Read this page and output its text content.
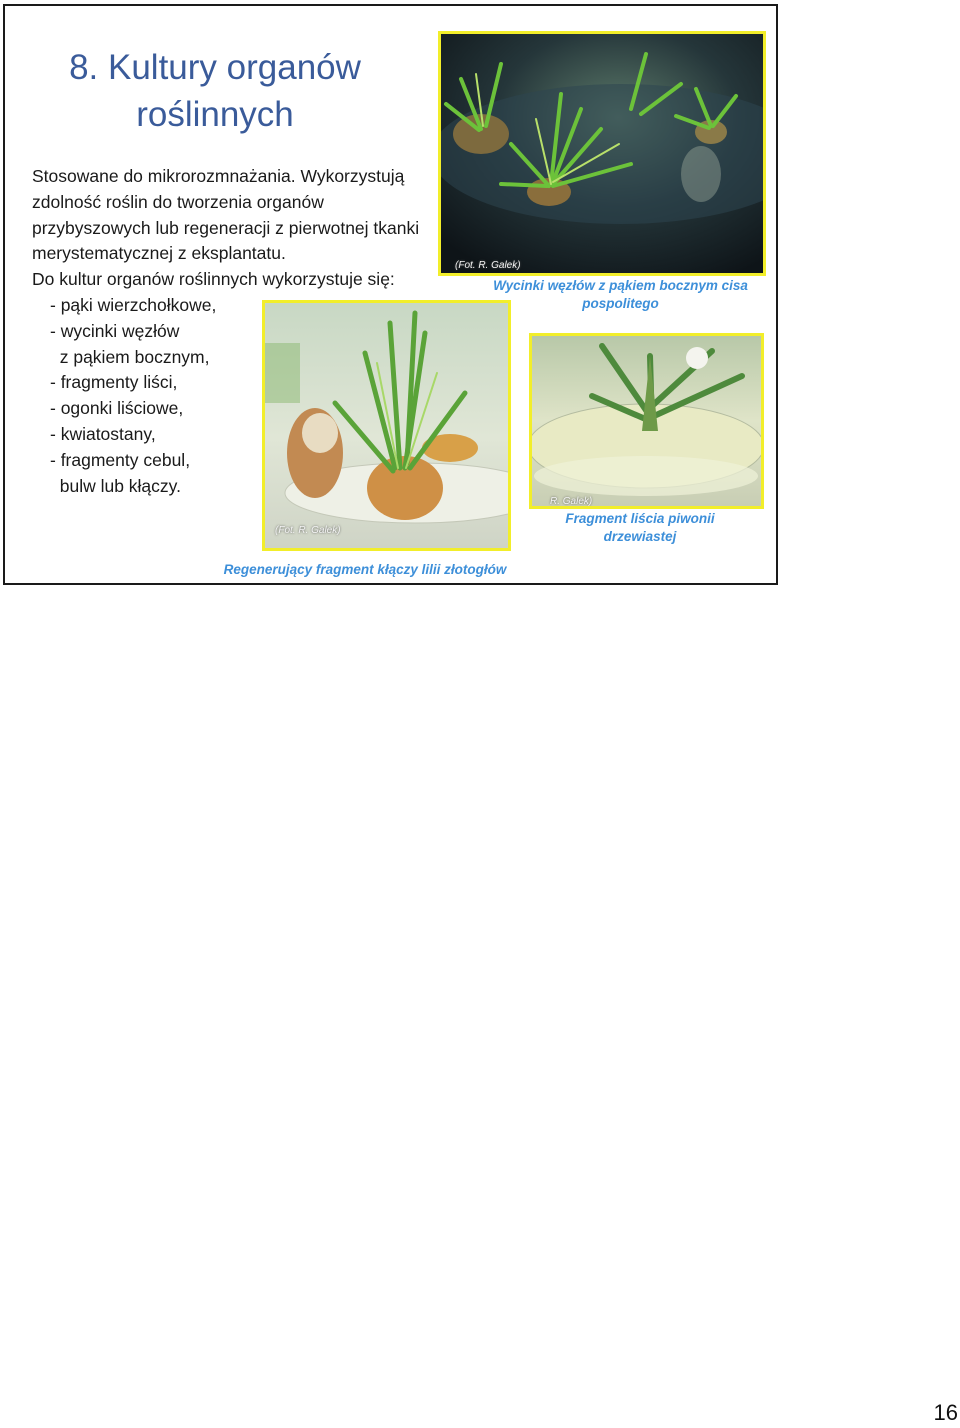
8. Kultury organów
roślinnych

Stosowane do mikrorozmnażania. Wykorzystują

zdolność roślin do tworzenia organów

przybyszowych lub regeneracji z pierwotnej tkanki

merystematycznej z eksplantatu.

Do kultur organów roślinnych wykorzystuje się:

- pąki wierzchołkowe,
- wycinki węzłów
z pąkiem bocznym,
- fragmenty liści,
- ogonki liściowe,
- kwiatostany,
- fragmenty cebul,
bulw lub kłączy.
(Fot. R. Galek)
Wycinki węzłów z pąkiem bocznym cisa
pospolitego
(Fot. R. Galek)
Regenerujący fragment kłączy lilii złotogłów
R. Galek)
Fragment liścia piwonii
drzewiastej
16
